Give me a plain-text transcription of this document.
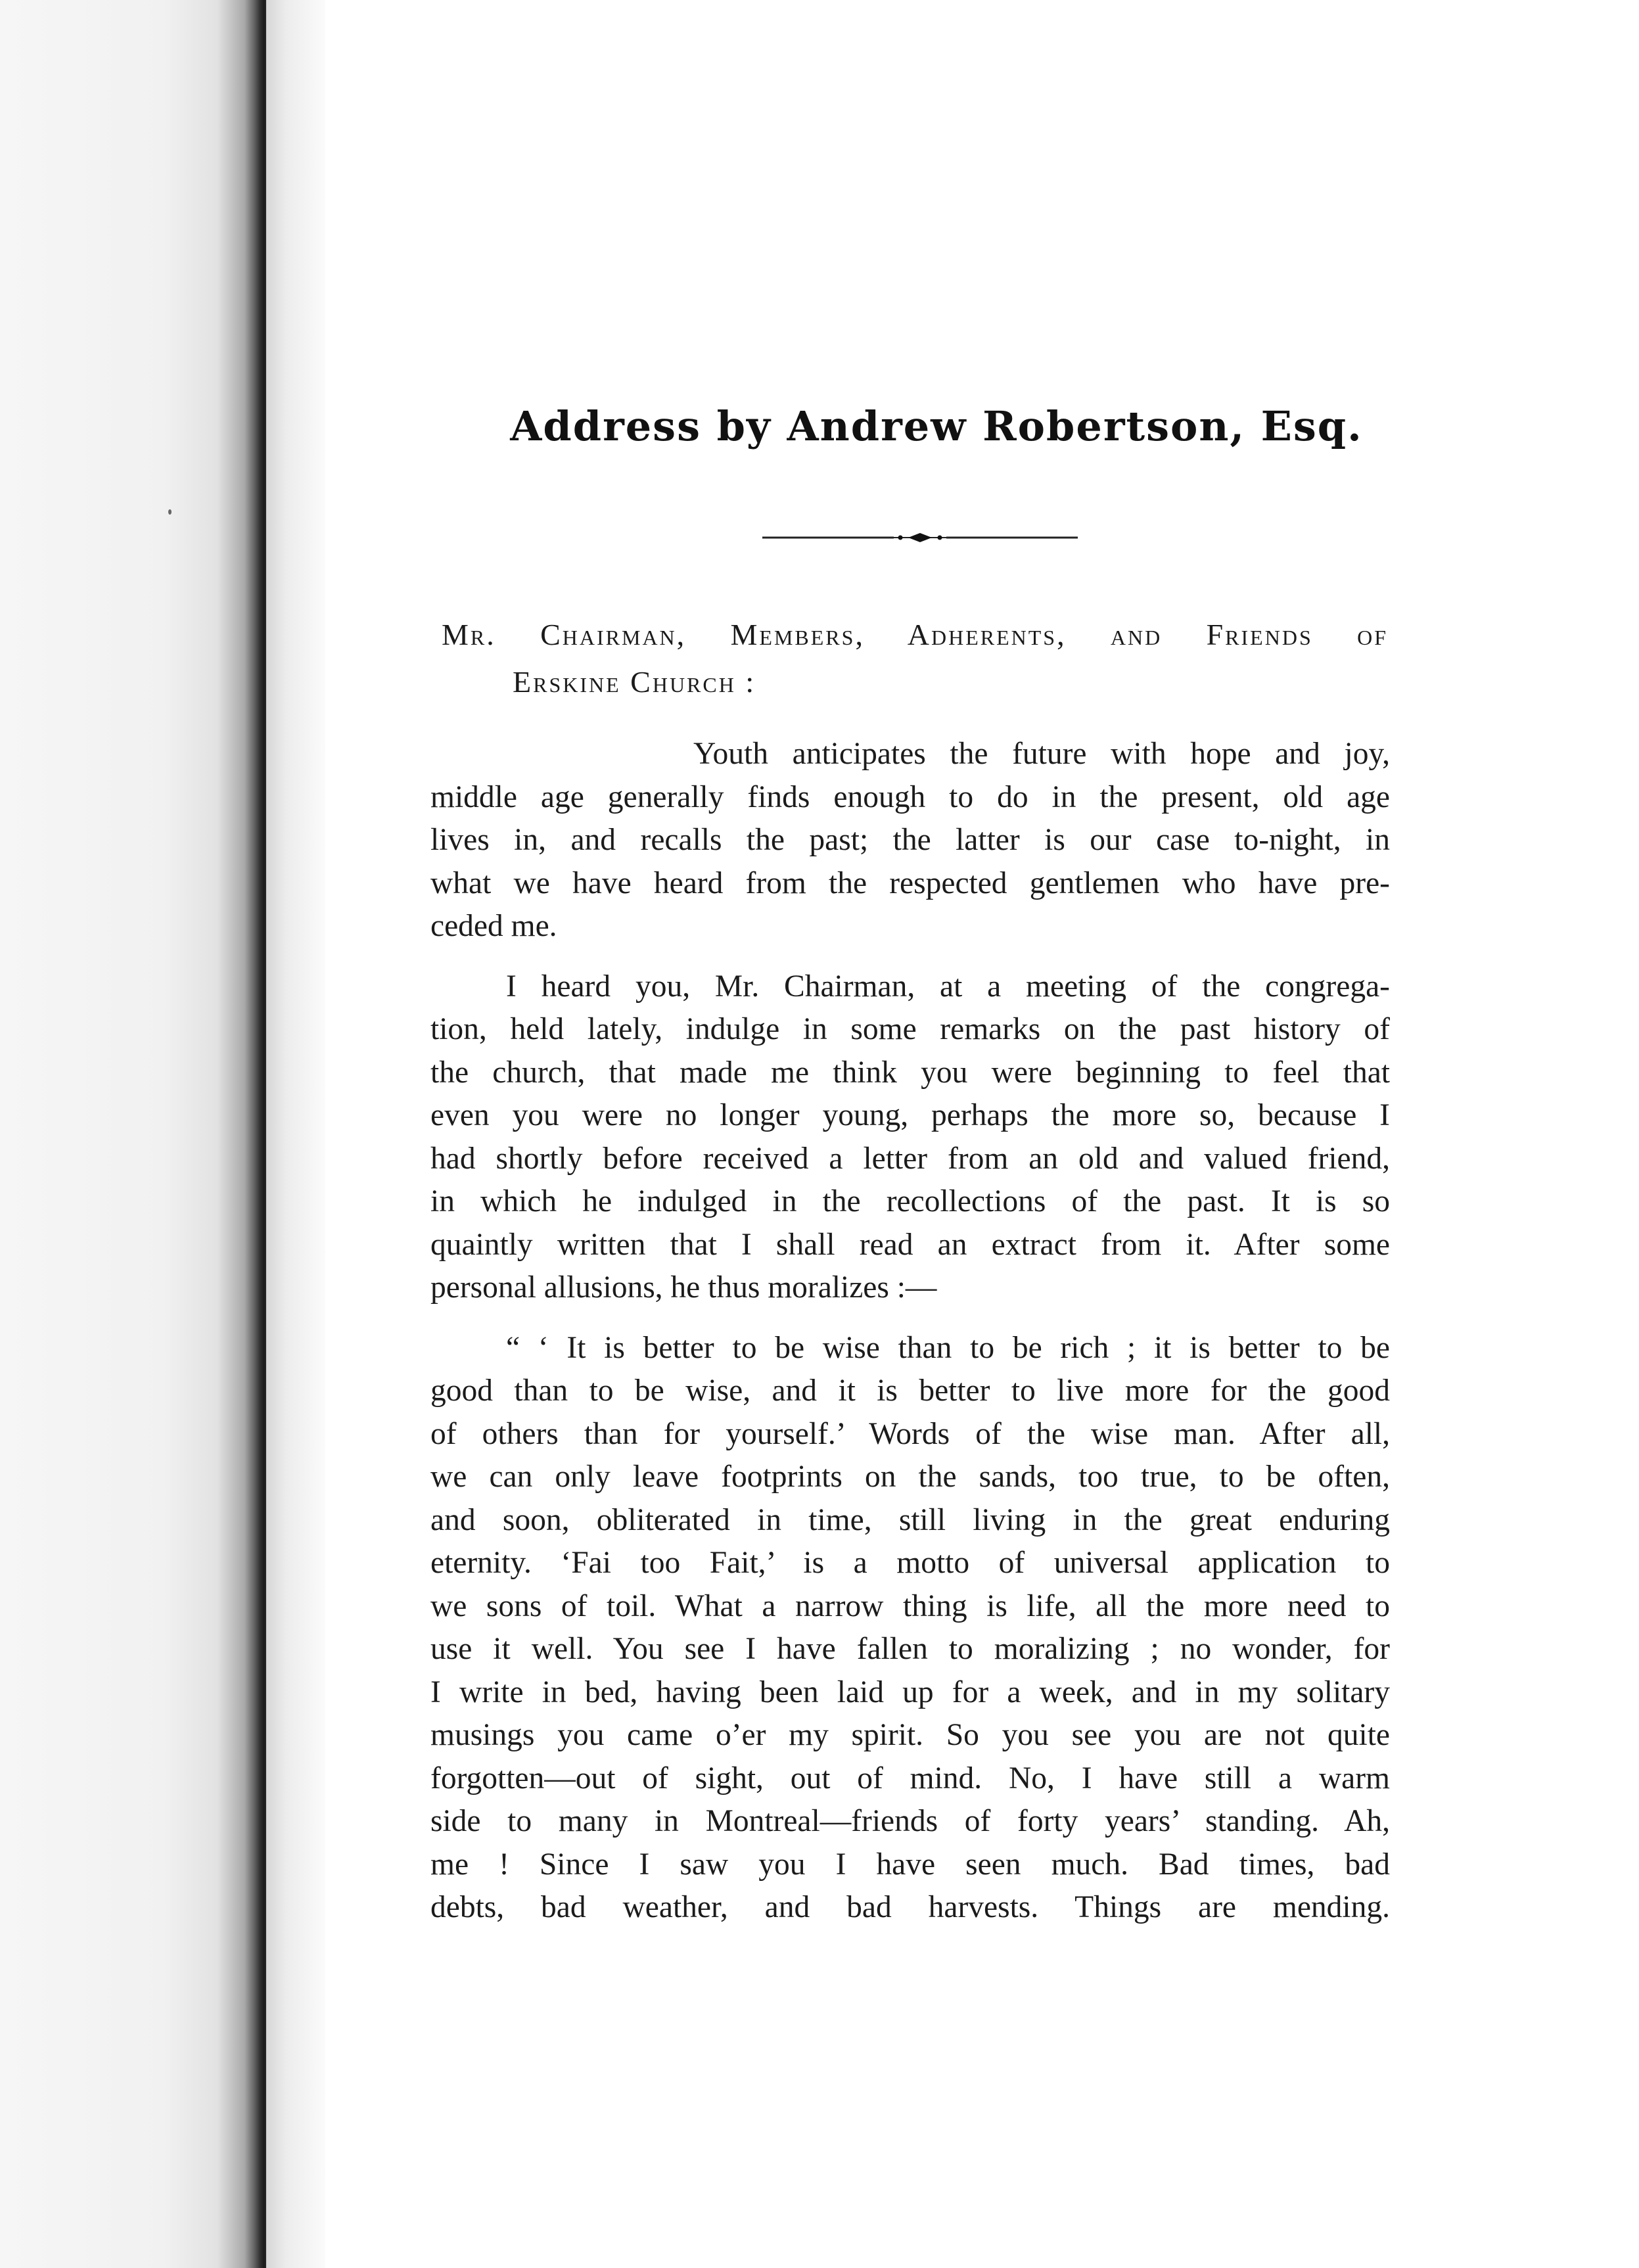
Address by Andrew Robertson, Esq.
Mr. Chairman, Members, Adherents, and Friends of
Erskine Church :
Youth anticipates the future with hope and joy,
middle age generally finds enough to do in the present, old age
lives in, and recalls the past; the latter is our case to-night, in
what we have heard from the respected gentlemen who have pre-
ceded me.
I heard you, Mr. Chairman, at a meeting of the congrega-
tion, held lately, indulge in some remarks on the past history of
the church, that made me think you were beginning to feel that
even you were no longer young, perhaps the more so, because I
had shortly before received a letter from an old and valued friend,
in which he indulged in the recollections of the past. It is so
quaintly written that I shall read an extract from it. After some
personal allusions, he thus moralizes :—
“ ‘ It is better to be wise than to be rich ; it is better to be
good than to be wise, and it is better to live more for the good
of others than for yourself.’ Words of the wise man. After all,
we can only leave footprints on the sands, too true, to be often,
and soon, obliterated in time, still living in the great enduring
eternity. ‘Fai too Fait,’ is a motto of universal application to
we sons of toil. What a narrow thing is life, all the more need to
use it well. You see I have fallen to moralizing ; no wonder, for
I write in bed, having been laid up for a week, and in my solitary
musings you came o’er my spirit. So you see you are not quite
forgotten—out of sight, out of mind. No, I have still a warm
side to many in Montreal—friends of forty years’ standing. Ah,
me ! Since I saw you I have seen much. Bad times, bad
debts, bad weather, and bad harvests. Things are mending.
